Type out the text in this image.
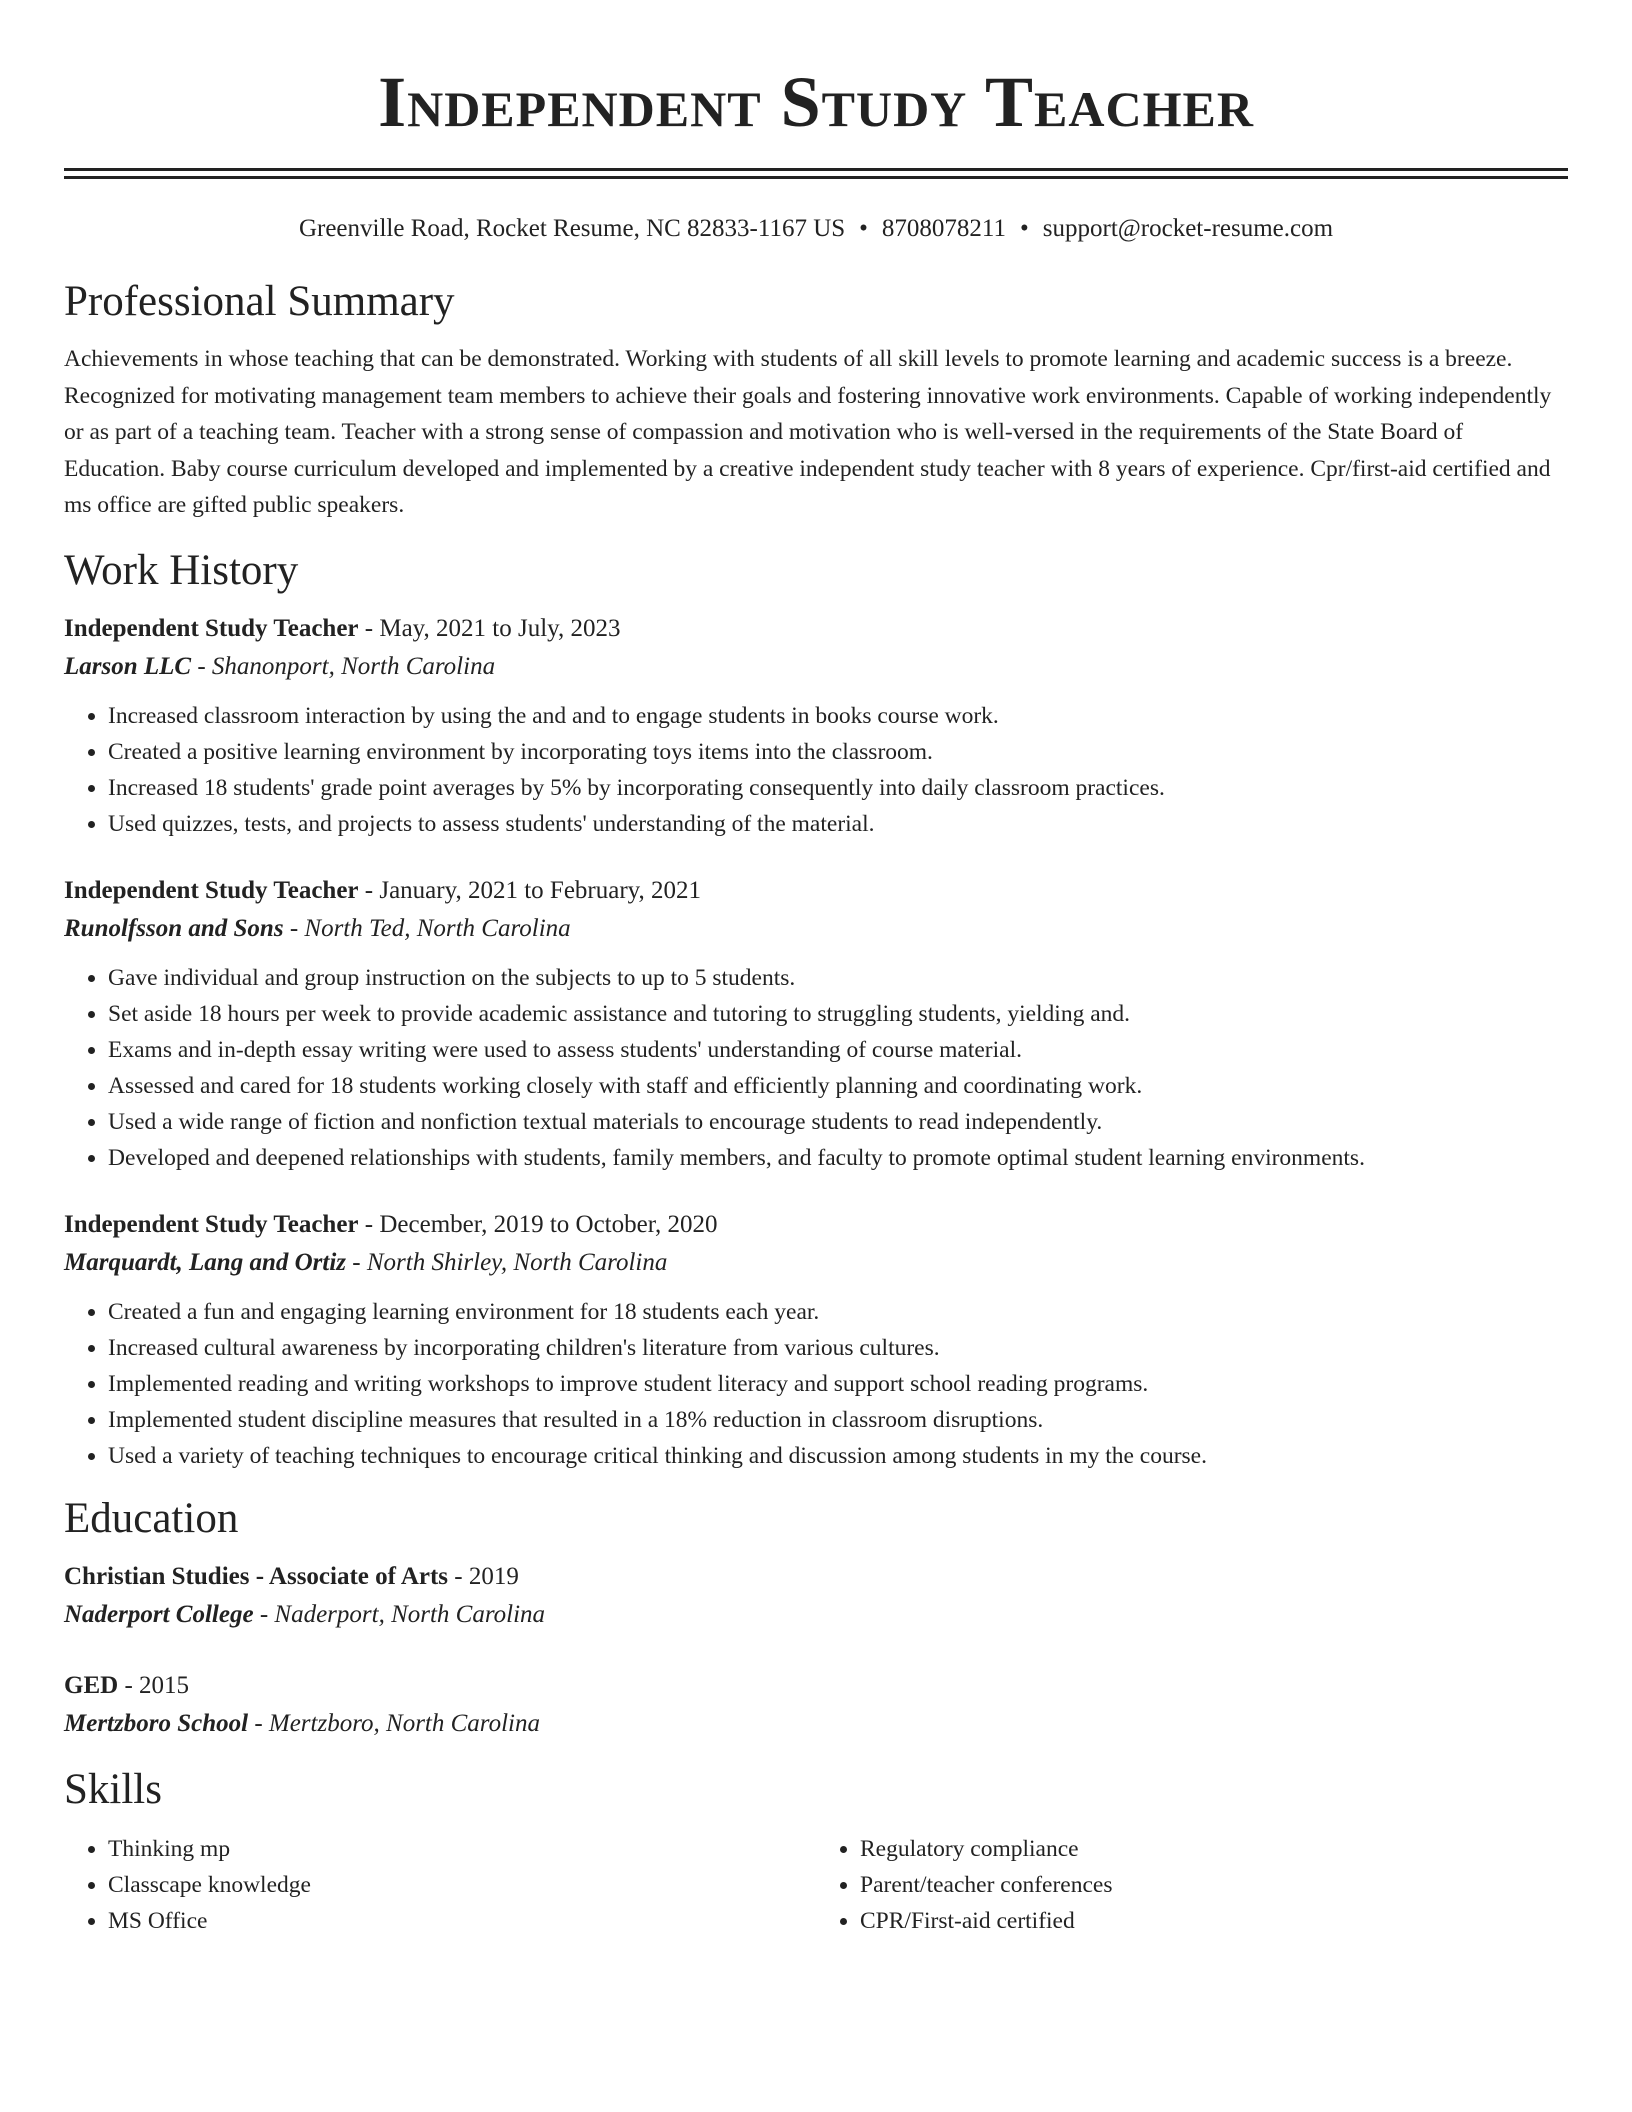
Independent Study Teacher
Greenville Road, Rocket Resume, NC 82833-1167 US • 8708078211 • support@rocket-resume.com
Professional Summary
Achievements in whose teaching that can be demonstrated. Working with students of all skill levels to promote learning and academic success is a breeze. Recognized for motivating management team members to achieve their goals and fostering innovative work environments. Capable of working independently or as part of a teaching team. Teacher with a strong sense of compassion and motivation who is well-versed in the requirements of the State Board of Education. Baby course curriculum developed and implemented by a creative independent study teacher with 8 years of experience. Cpr/first-aid certified and ms office are gifted public speakers.
Work History
Independent Study Teacher - May, 2021 to July, 2023
Larson LLC - Shanonport, North Carolina
• Increased classroom interaction by using the and and to engage students in books course work.
• Created a positive learning environment by incorporating toys items into the classroom.
• Increased 18 students' grade point averages by 5% by incorporating consequently into daily classroom practices.
• Used quizzes, tests, and projects to assess students' understanding of the material.
Independent Study Teacher - January, 2021 to February, 2021
Runolfsson and Sons - North Ted, North Carolina
• Gave individual and group instruction on the subjects to up to 5 students.
• Set aside 18 hours per week to provide academic assistance and tutoring to struggling students, yielding and.
• Exams and in-depth essay writing were used to assess students' understanding of course material.
• Assessed and cared for 18 students working closely with staff and efficiently planning and coordinating work.
• Used a wide range of fiction and nonfiction textual materials to encourage students to read independently.
• Developed and deepened relationships with students, family members, and faculty to promote optimal student learning environments.
Independent Study Teacher - December, 2019 to October, 2020
Marquardt, Lang and Ortiz - North Shirley, North Carolina
• Created a fun and engaging learning environment for 18 students each year.
• Increased cultural awareness by incorporating children's literature from various cultures.
• Implemented reading and writing workshops to improve student literacy and support school reading programs.
• Implemented student discipline measures that resulted in a 18% reduction in classroom disruptions.
• Used a variety of teaching techniques to encourage critical thinking and discussion among students in my the course.
Education
Christian Studies - Associate of Arts - 2019
Naderport College - Naderport, North Carolina
GED - 2015
Mertzboro School - Mertzboro, North Carolina
Skills
• Thinking mp
• Classcape knowledge
• MS Office
• Regulatory compliance
• Parent/teacher conferences
• CPR/First-aid certified
